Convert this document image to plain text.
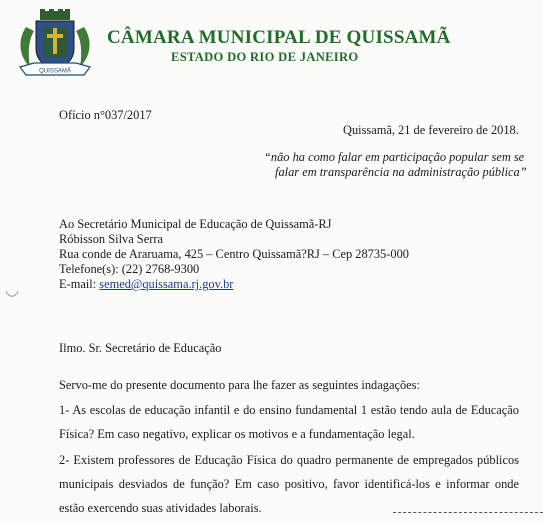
QUISSAMÃ
CÂMARA MUNICIPAL DE QUISSAMÃ
ESTADO DO RIO DE JANEIRO
Ofício n°037/2017
Quissamã, 21 de fevereiro de 2018.
“não ha como falar em participação popular sem se
falar em transparência na administração pública”
Ao Secretário Municipal de Educação de Quissamã-RJ
Róbisson Silva Serra
Rua conde de Araruama, 425 – Centro Quissamã?RJ – Cep 28735-000
Telefone(s): (22) 2768-9300
E-mail: semed@quissama.rj.gov.br
Ilmo. Sr. Secretário de Educação
Servo-me do presente documento para lhe fazer as seguintes indagações:
1- As escolas de educação infantil e do ensino fundamental 1 estão tendo aula de Educação Física? Em caso negativo, explicar os motivos e a fundamentação legal.
2- Existem professores de Educação Física do quadro permanente de empregados públicos municipais desviados de função? Em caso positivo, favor identificá-los e informar onde estão exercendo suas atividades laborais.
